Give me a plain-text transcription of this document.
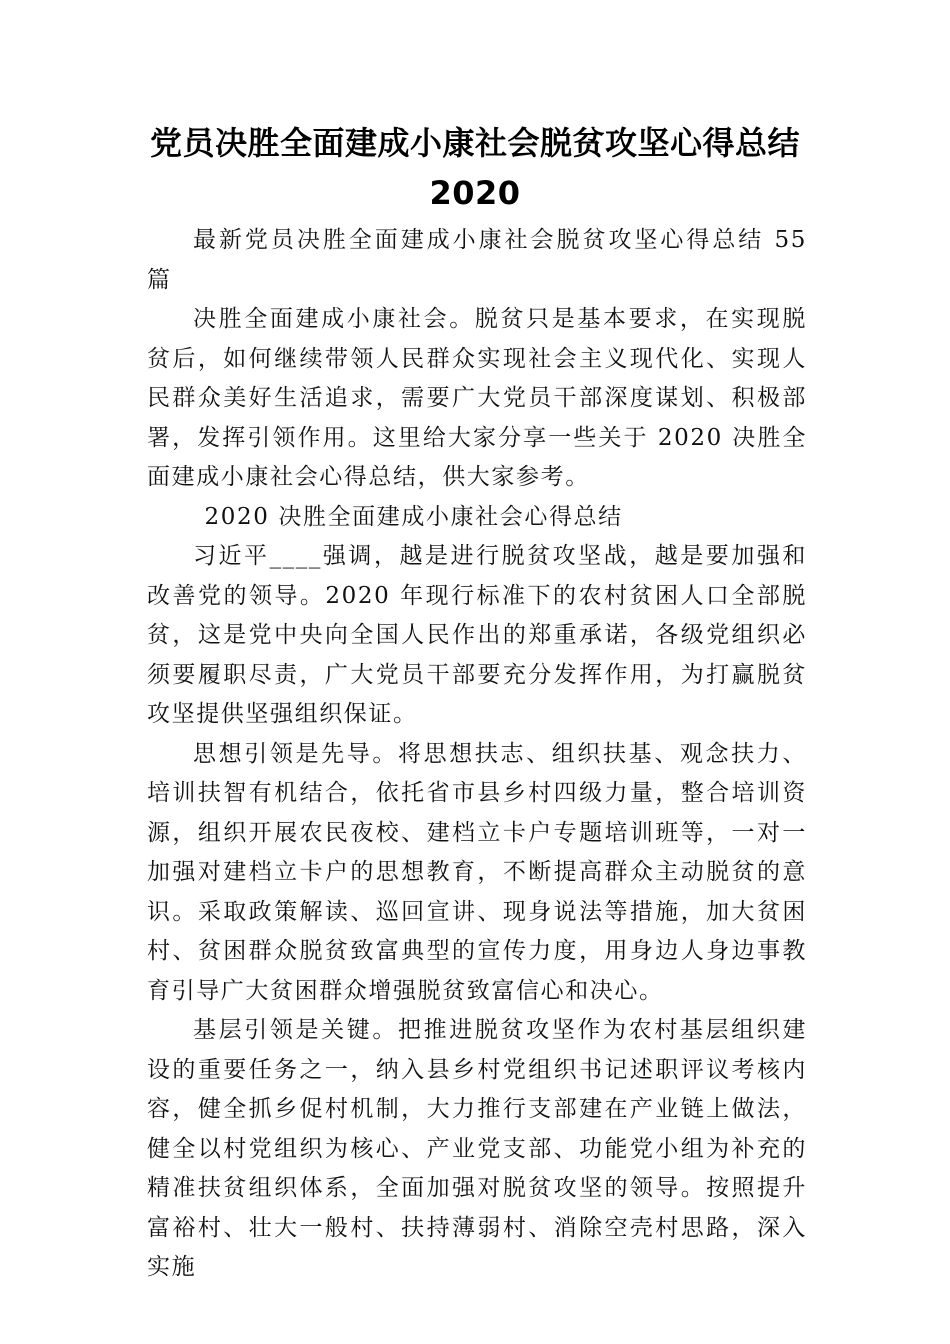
党员决胜全面建成小康社会脱贫攻坚心得总结2020

最新党员决胜全面建成小康社会脱贫攻坚心得总结 55 篇

决胜全面建成小康社会。脱贫只是基本要求，在实现脱贫后，如何继续带领人民群众实现社会主义现代化、实现人民群众美好生活追求，需要广大党员干部深度谋划、积极部署，发挥引领作用。这里给大家分享一些关于 2020 决胜全面建成小康社会心得总结，供大家参考。

2020 决胜全面建成小康社会心得总结

习近平____强调，越是进行脱贫攻坚战，越是要加强和改善党的领导。2020 年现行标准下的农村贫困人口全部脱贫，这是党中央向全国人民作出的郑重承诺，各级党组织必须要履职尽责，广大党员干部要充分发挥作用，为打赢脱贫攻坚提供坚强组织保证。

思想引领是先导。将思想扶志、组织扶基、观念扶力、培训扶智有机结合，依托省市县乡村四级力量，整合培训资源，组织开展农民夜校、建档立卡户专题培训班等，一对一加强对建档立卡户的思想教育，不断提高群众主动脱贫的意识。采取政策解读、巡回宣讲、现身说法等措施，加大贫困村、贫困群众脱贫致富典型的宣传力度，用身边人身边事教育引导广大贫困群众增强脱贫致富信心和决心。

基层引领是关键。把推进脱贫攻坚作为农村基层组织建设的重要任务之一，纳入县乡村党组织书记述职评议考核内容，健全抓乡促村机制，大力推行支部建在产业链上做法，健全以村党组织为核心、产业党支部、功能党小组为补充的精准扶贫组织体系，全面加强对脱贫攻坚的领导。按照提升富裕村、壮大一般村、扶持薄弱村、消除空壳村思路，深入实施
